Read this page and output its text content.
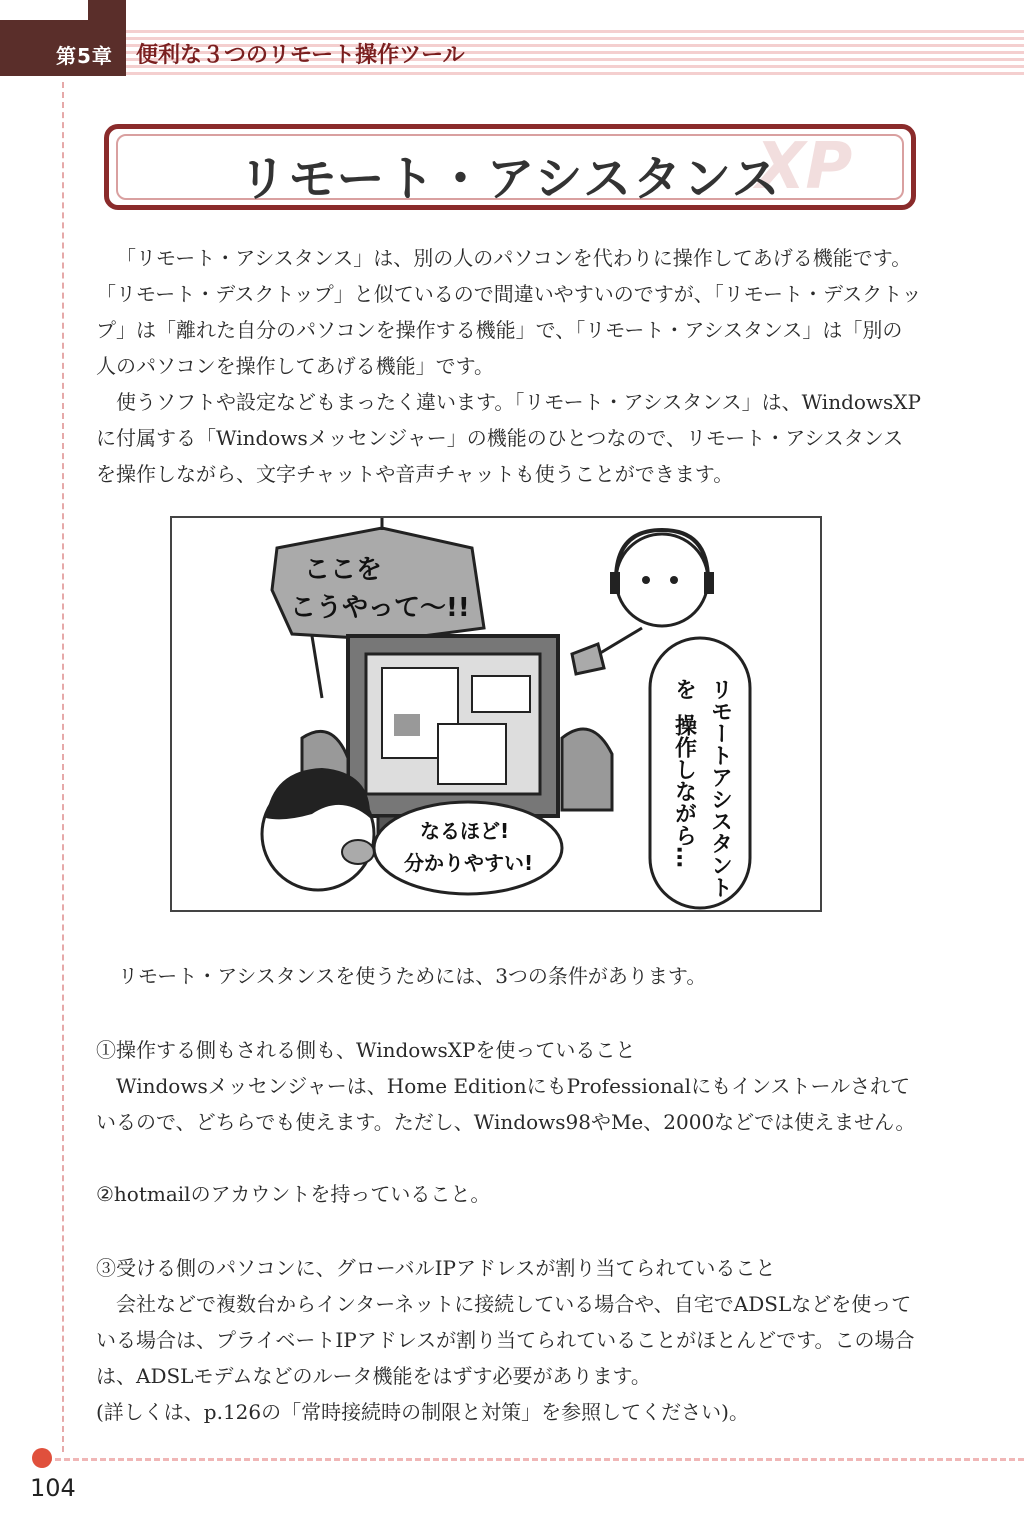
第5章 便利な３つのリモート操作ツール
XP
リモート・アシスタンス

「リモート・アシスタンス」は、別の人のパソコンを代わりに操作してあげる機能です。「リモート・デスクトップ」と似ているので間違いやすいのですが、「リモート・デスクトップ」は「離れた自分のパソコンを操作する機能」で、「リモート・アシスタンス」は「別の人のパソコンを操作してあげる機能」です。

使うソフトや設定などもまったく違います。「リモート・アシスタンス」は、WindowsXPに付属する「Windowsメッセンジャー」の機能のひとつなので、リモート・アシスタンスを操作しながら、文字チャットや音声チャットも使うことができます。

ここを
こうやって～!!
リモートアシスタント
を
操作しながら…
なるほど!
分かりやすい!

リモート・アシスタンスを使うためには、3つの条件があります。

①操作する側もされる側も、WindowsXPを使っていること

Windowsメッセンジャーは、Home EditionにもProfessionalにもインストールされているので、どちらでも使えます。ただし、Windows98やMe、2000などでは使えません。

②hotmailのアカウントを持っていること。

③受ける側のパソコンに、グローバルIPアドレスが割り当てられていること

会社などで複数台からインターネットに接続している場合や、自宅でADSLなどを使っている場合は、プライベートIPアドレスが割り当てられていることがほとんどです。この場合は、ADSLモデムなどのルータ機能をはずす必要があります。
(詳しくは、p.126の「常時接続時の制限と対策」を参照してください)。
104
